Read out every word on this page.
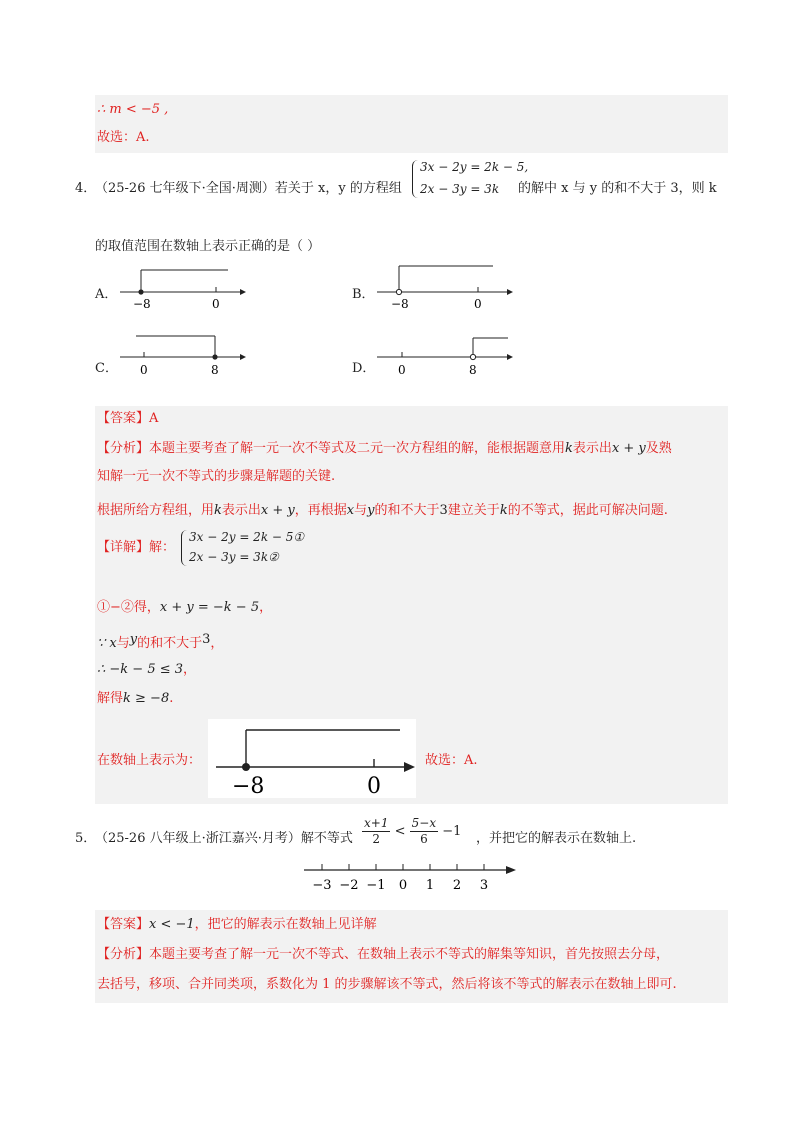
∴ m < −5 ,
故选：A.
4．
（25-26 七年级下·全国·周测）若关于 x，y 的方程组
3x − 2y = 2k − 5,
2x − 3y = 3k 的解中 x 与 y 的和不大于 3，则 k
的取值范围在数轴上表示正确的是（ ）
A．
−8	0
B．
−8	0
C． 0	8	D． 0	8
【答案】A
【分析】本题主要考查了解一元一次不等式及二元一次方程组的解，能根据题意用k表示出x + y及熟
知解一元一次不等式的步骤是解题的关键.
根据所给方程组，用k表示出x + y，再根据x与y的和不大于3建立关于k的不等式，据此可解决问题.
【详解】解：
3x − 2y = 2k − 5①
2x − 3y = 3k②
①−②得，x + y = −k − 5，
∵ x与y的和不大于3，
∴ −k − 5 ≤ 3，
解得k ≥ −8.
在数轴上表示为：
−8	0
故选：A.
5．
（25-26 八年级上·浙江嘉兴·月考）解不等式 $\frac{x+1}{2} < \frac{5-x}{6} -1$ ，并把它的解表示在数轴上.
−3 −2 −1 0 1 2 3
【答案】x < −1，把它的解表示在数轴上见详解
【分析】本题主要考查了解一元一次不等式、在数轴上表示不等式的解集等知识，首先按照去分母，
去括号，移项、合并同类项，系数化为 1 的步骤解该不等式，然后将该不等式的解表示在数轴上即可.
